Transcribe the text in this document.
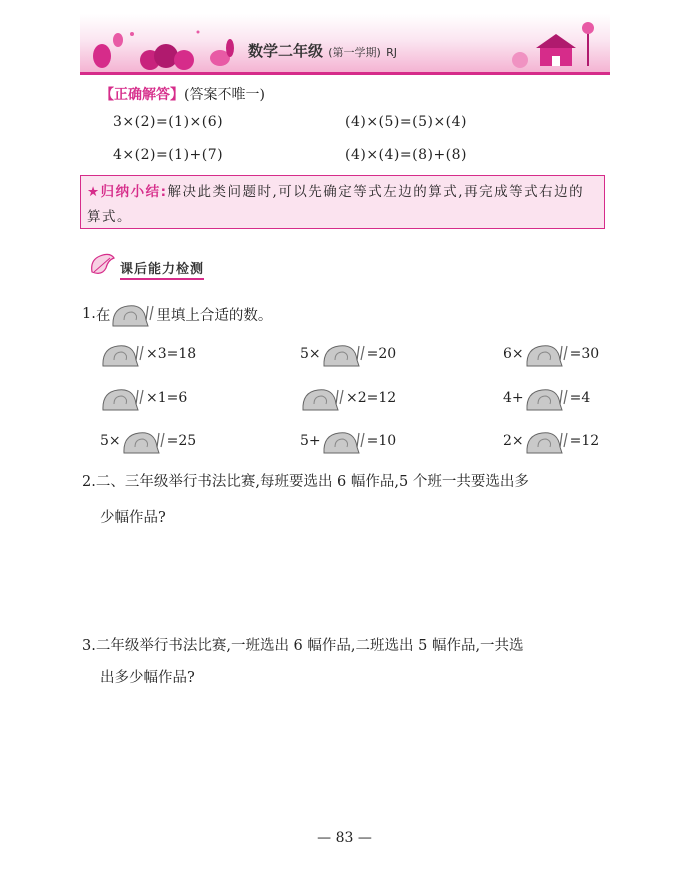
数学二年级 (第一学期) RJ
【正确解答】(答案不唯一)
3×(2)=(1)×(6)	(4)×(5)=(5)×(4)
4×(2)=(1)+(7)	(4)×(4)=(8)+(8)
★归纳小结:解决此类问题时,可以先确定等式左边的算式,再完成等式右边的算式。
课后能力检测
1. 在	里填上合适的数。
×3=18	5×	=20	6×	=30
×1=6	×2=12	4+	=4
5×	=25	5+	=10	2×	=12
2.二、三年级举行书法比赛,每班要选出 6 幅作品,5 个班一共要选出多
少幅作品?
3.二年级举行书法比赛,一班选出 6 幅作品,二班选出 5 幅作品,一共选
出多少幅作品?
— 83 —
